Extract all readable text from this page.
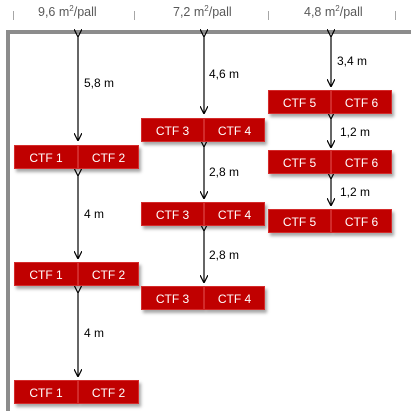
9,6 $m^2$/pall	7,2 $m^2$/pall	4,8 $m^2$/pall
5,8 m
4 m
4 m
4,6 m
2,8 m
2,8 m
3,4 m
1,2 m
1,2 m
CTF 1	CTF 2
CTF 1	CTF 2
CTF 1	CTF 2
CTF 3	CTF 4
CTF 3	CTF 4
CTF 3	CTF 4
CTF 5	CTF 6
CTF 5	CTF 6
CTF 5	CTF 6
